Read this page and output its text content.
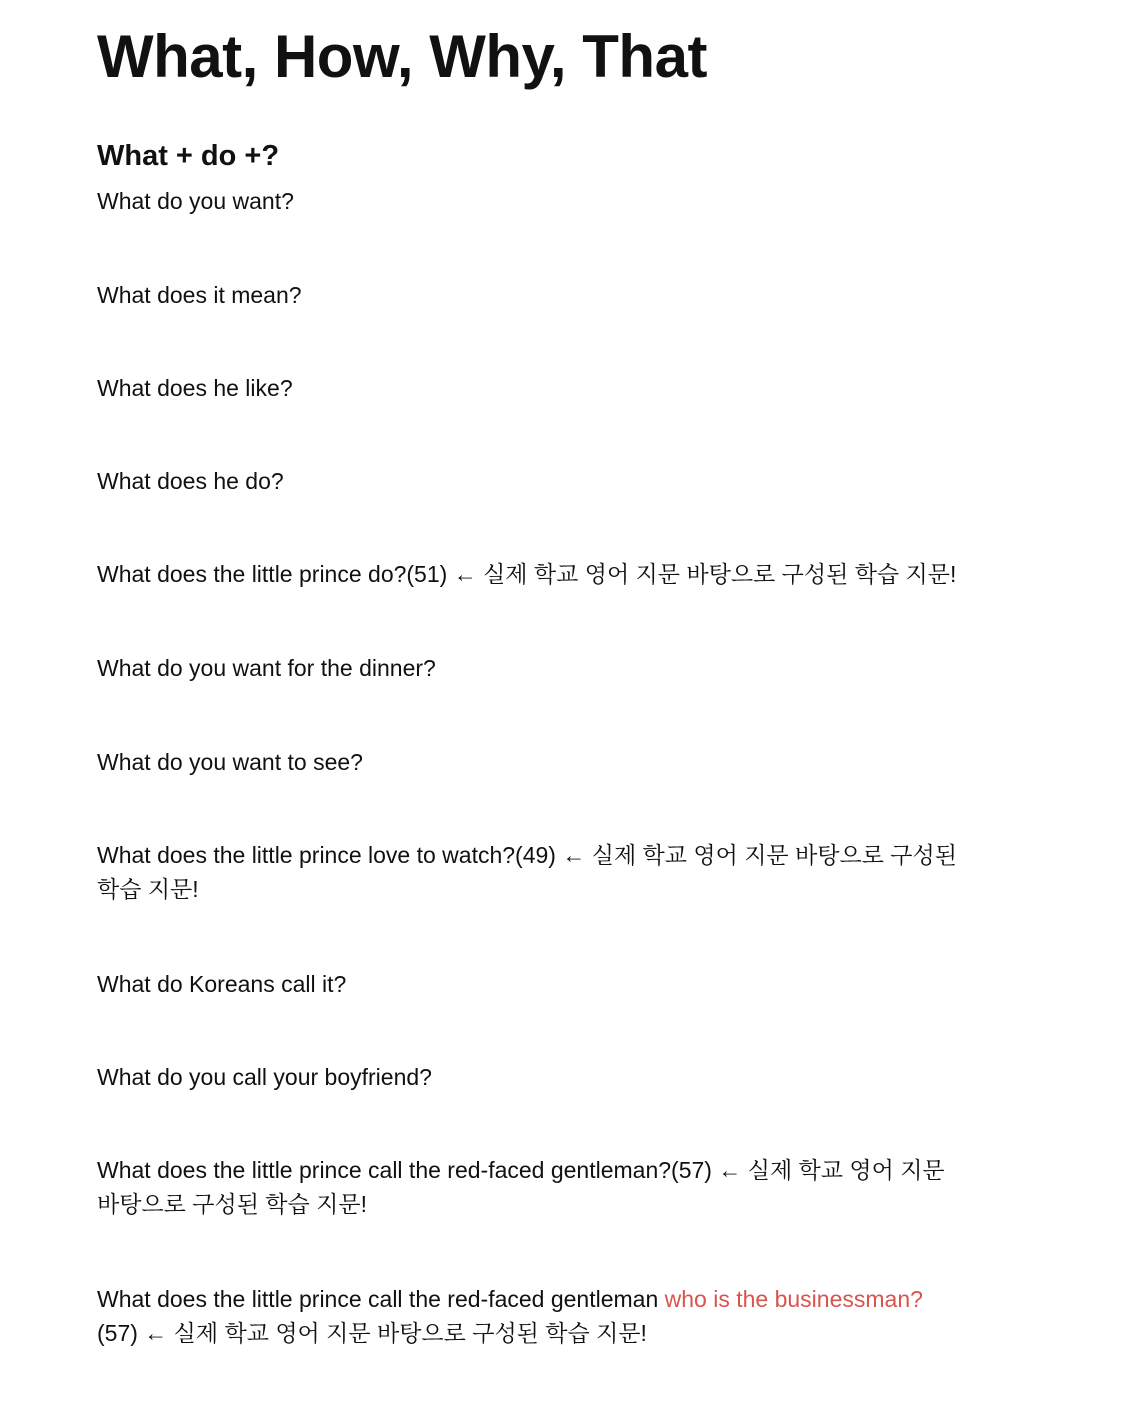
What, How, Why, That
What + do +?

What do you want?

What does it mean?

What does he like?

What does he do?

What does the little prince do?(51) ← 실제 학교 영어 지문 바탕으로 구성된 학습 지문!

What do you want for the dinner?

What do you want to see?

What does the little prince love to watch?(49) ← 실제 학교 영어 지문 바탕으로 구성된 학습 지문!

What do Koreans call it?

What do you call your boyfriend?

What does the little prince call the red-faced gentleman?(57) ← 실제 학교 영어 지문 바탕으로 구성된 학습 지문!

What does the little prince call the red-faced gentleman who is the businessman?
(57) ← 실제 학교 영어 지문 바탕으로 구성된 학습 지문!
